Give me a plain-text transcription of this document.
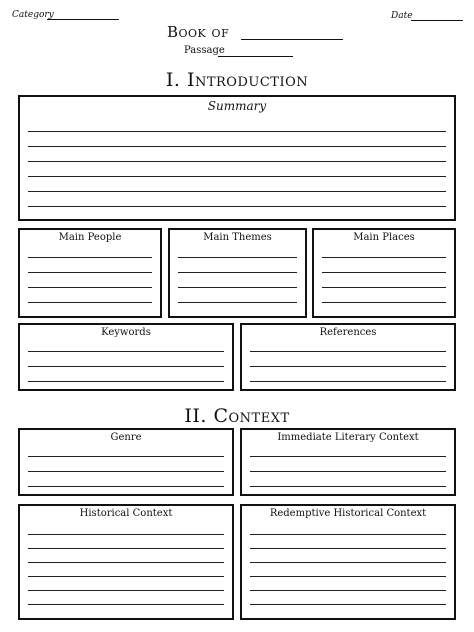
Category	Date
Book of
Passage
I. Introduction
Summary
Main People	Main Themes	Main Places
Keywords	References
II. Context
Genre	Immediate Literary Context
Historical Context	Redemptive Historical Context
